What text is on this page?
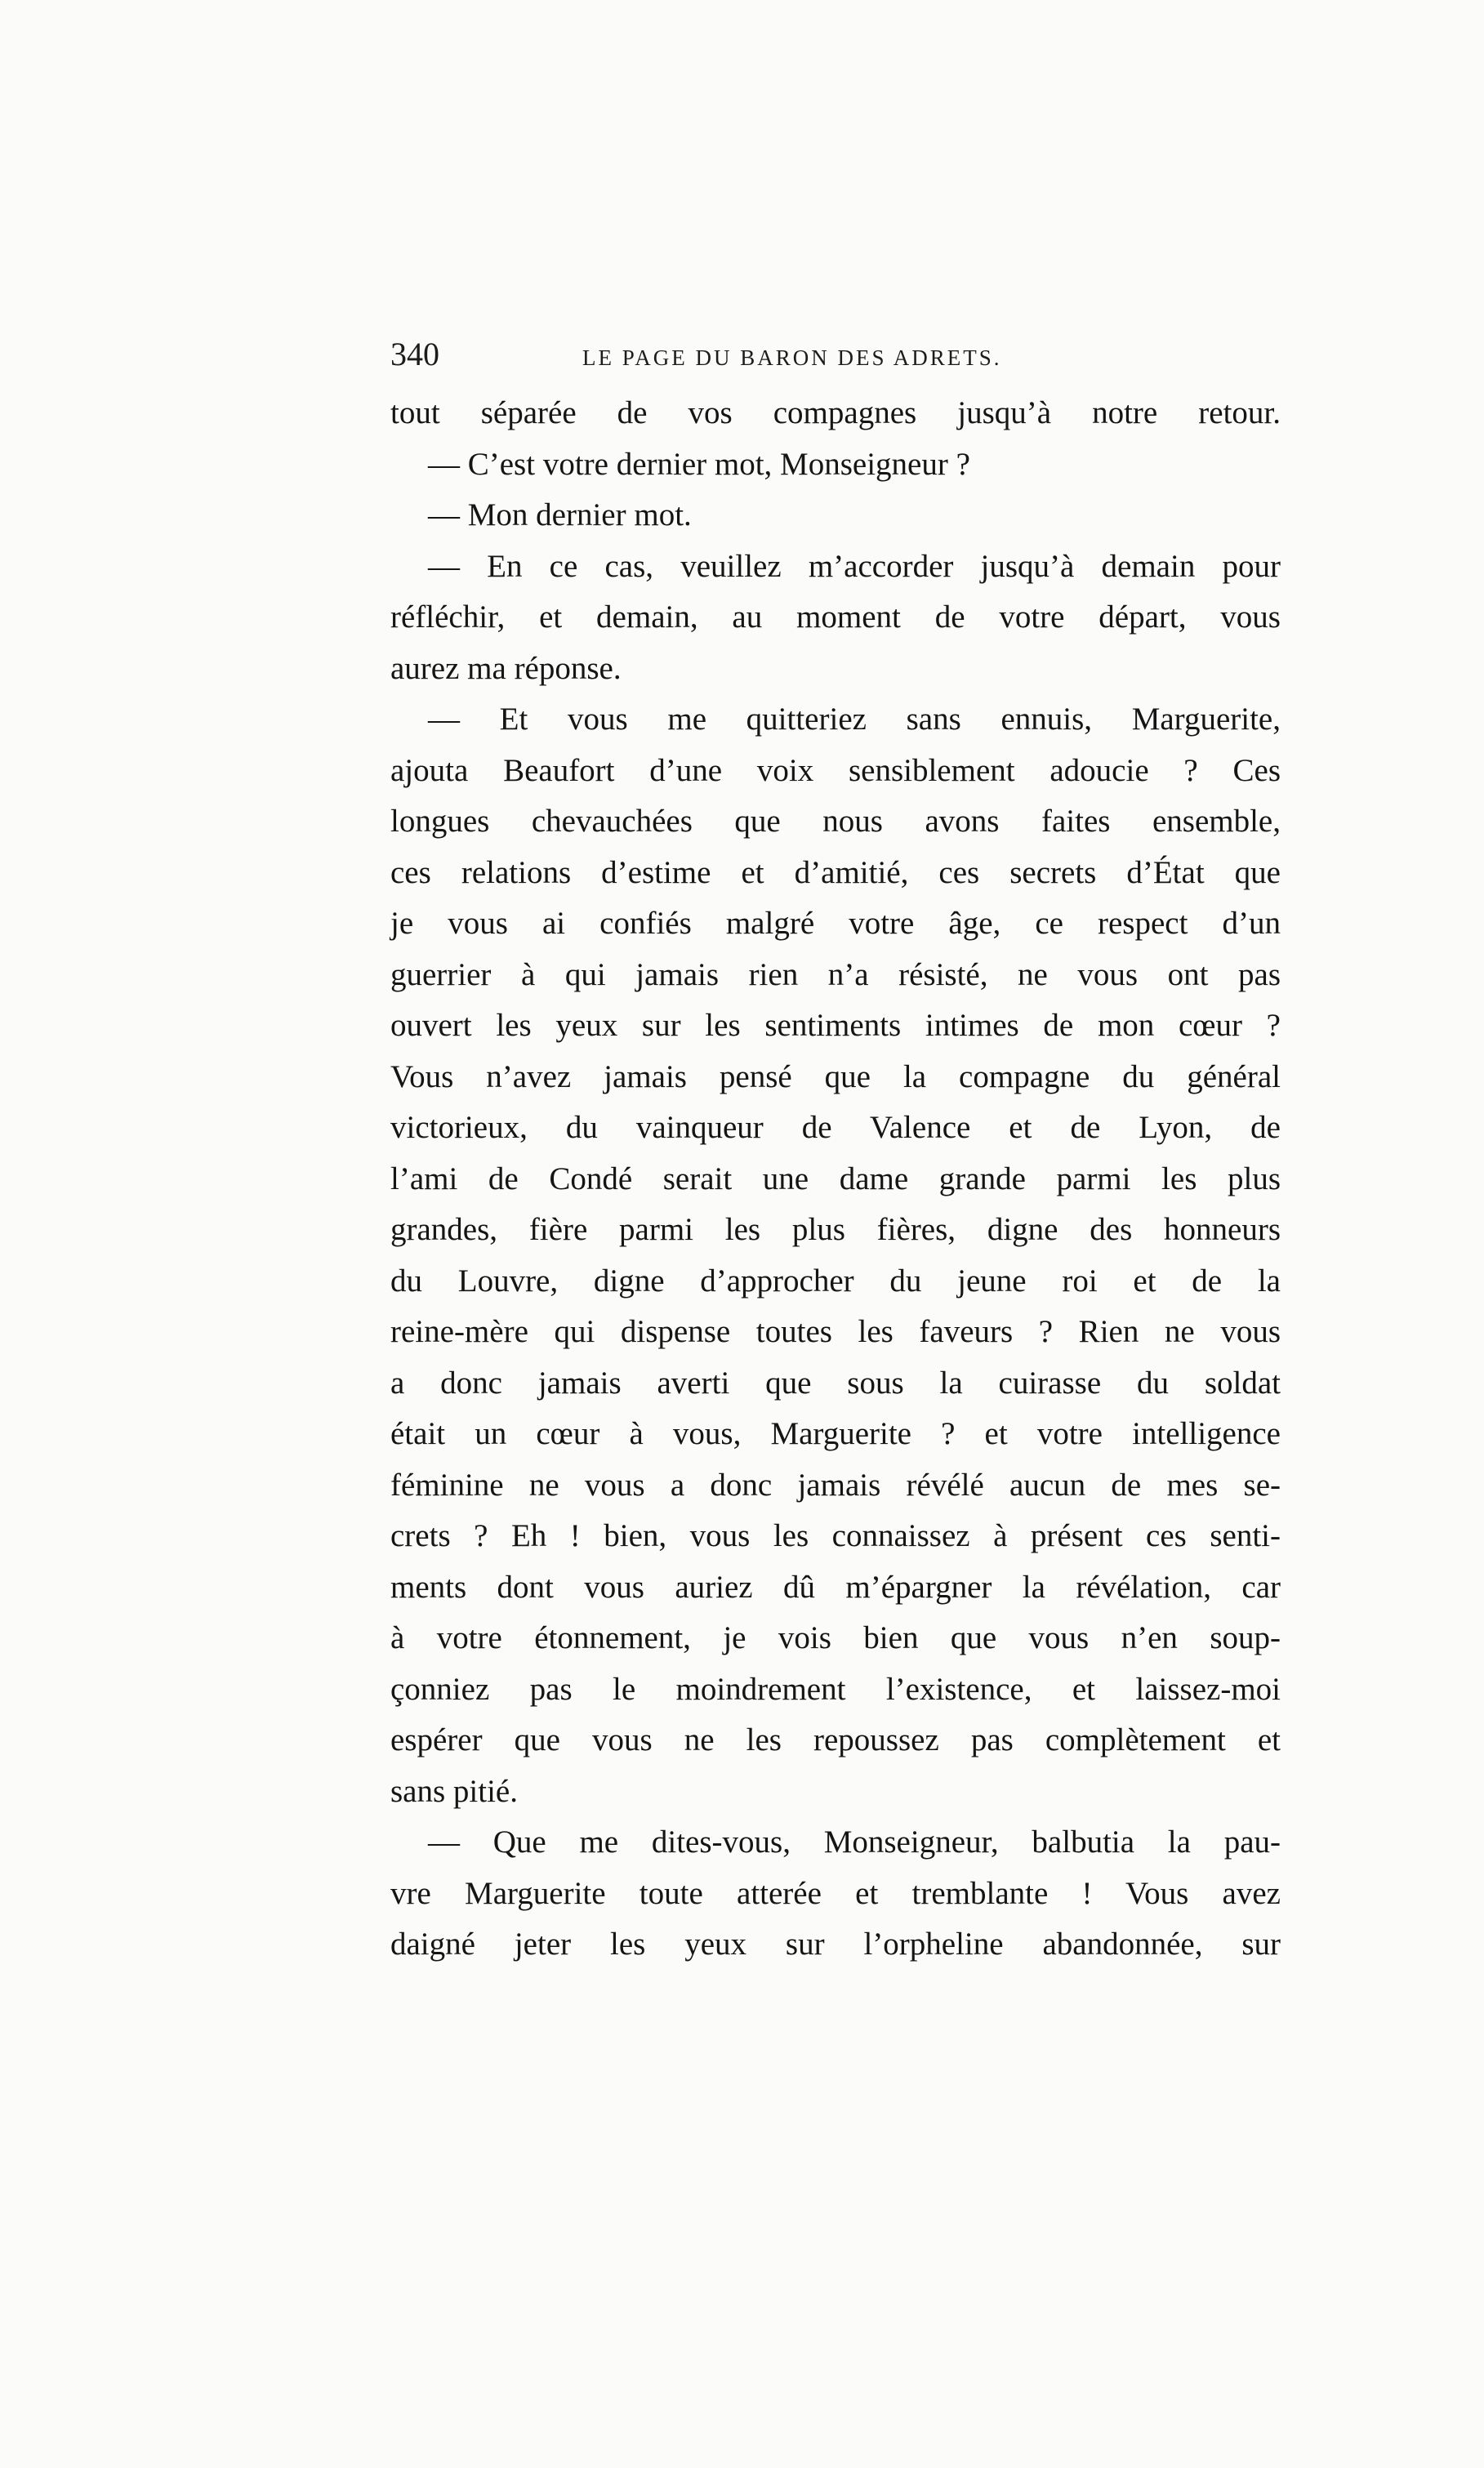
340	LE PAGE DU BARON DES ADRETS.
tout séparée de vos compagnes jusqu’à notre retour.
— C’est votre dernier mot, Monseigneur ?
— Mon dernier mot.
— En ce cas, veuillez m’accorder jusqu’à demain pour
réfléchir, et demain, au moment de votre départ, vous
aurez ma réponse.
— Et vous me quitteriez sans ennuis, Marguerite,
ajouta Beaufort d’une voix sensiblement adoucie ? Ces
longues chevauchées que nous avons faites ensemble,
ces relations d’estime et d’amitié, ces secrets d’État que
je vous ai confiés malgré votre âge, ce respect d’un
guerrier à qui jamais rien n’a résisté, ne vous ont pas
ouvert les yeux sur les sentiments intimes de mon cœur ?
Vous n’avez jamais pensé que la compagne du général
victorieux, du vainqueur de Valence et de Lyon, de
l’ami de Condé serait une dame grande parmi les plus
grandes, fière parmi les plus fières, digne des honneurs
du Louvre, digne d’approcher du jeune roi et de la
reine-mère qui dispense toutes les faveurs ? Rien ne vous
a donc jamais averti que sous la cuirasse du soldat
était un cœur à vous, Marguerite ? et votre intelligence
féminine ne vous a donc jamais révélé aucun de mes se-
crets ? Eh ! bien, vous les connaissez à présent ces senti-
ments dont vous auriez dû m’épargner la révélation, car
à votre étonnement, je vois bien que vous n’en soup-
çonniez pas le moindrement l’existence, et laissez-moi
espérer que vous ne les repoussez pas complètement et
sans pitié.
— Que me dites-vous, Monseigneur, balbutia la pau-
vre Marguerite toute atterée et tremblante ! Vous avez
daigné jeter les yeux sur l’orpheline abandonnée, sur
